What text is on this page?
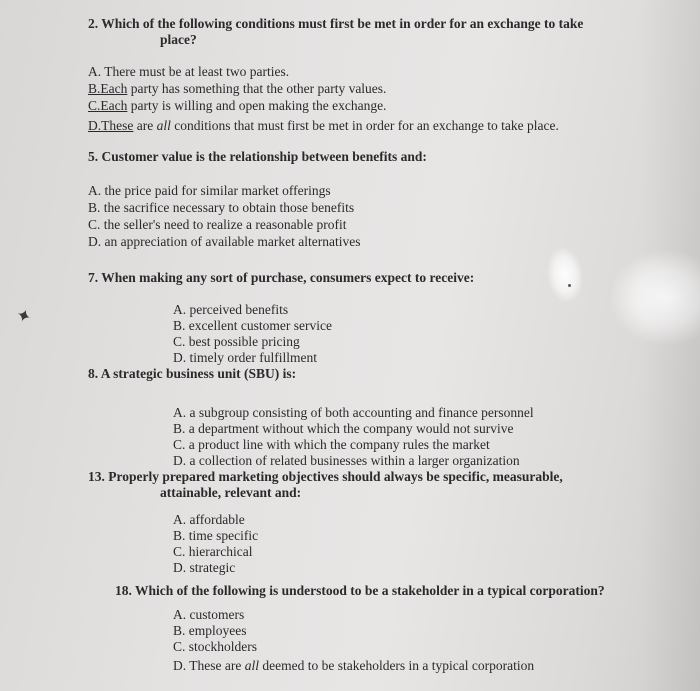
✦
2. Which of the following conditions must first be met in order for an exchange to take
place?
A. There must be at least two parties.
B.Each party has something that the other party values.
C.Each party is willing and open making the exchange.
D.These are all conditions that must first be met in order for an exchange to take place.
5. Customer value is the relationship between benefits and:
A. the price paid for similar market offerings
B. the sacrifice necessary to obtain those benefits
C. the seller's need to realize a reasonable profit
D. an appreciation of available market alternatives
7. When making any sort of purchase, consumers expect to receive:
A. perceived benefits
B. excellent customer service
C. best possible pricing
D. timely order fulfillment
8. A strategic business unit (SBU) is:
A. a subgroup consisting of both accounting and finance personnel
B. a department without which the company would not survive
C. a product line with which the company rules the market
D. a collection of related businesses within a larger organization
13. Properly prepared marketing objectives should always be specific, measurable,
attainable, relevant and:
A. affordable
B. time specific
C. hierarchical
D. strategic
18. Which of the following is understood to be a stakeholder in a typical corporation?
A. customers
B. employees
C. stockholders
D. These are all deemed to be stakeholders in a typical corporation
